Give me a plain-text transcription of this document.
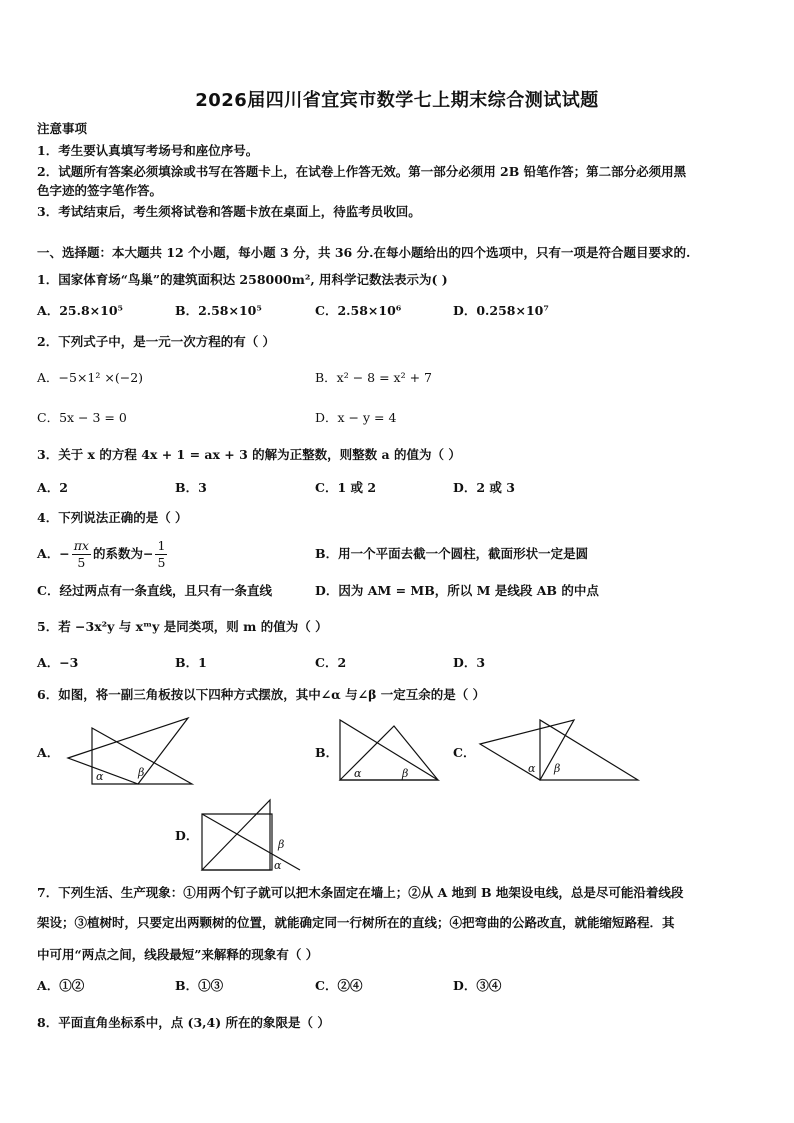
2026届四川省宜宾市数学七上期末综合测试试题
注意事项
1．考生要认真填写考场号和座位序号。
2．试题所有答案必须填涂或书写在答题卡上，在试卷上作答无效。第一部分必须用 2B 铅笔作答；第二部分必须用黑
色字迹的签字笔作答。
3．考试结束后，考生须将试卷和答题卡放在桌面上，待监考员收回。
一、选择题：本大题共 12 个小题，每小题 3 分，共 36 分.在每小题给出的四个选项中，只有一项是符合题目要求的.
1．国家体育场“鸟巢”的建筑面积达 258000m², 用科学记数法表示为( )
A．25.8×10⁵	B．2.58×10⁵	C．2.58×10⁶	D．0.258×10⁷
2．下列式子中，是一元一次方程的有（ ）
A．−5×1² ×(−2)	B．x² − 8 = x² + 7
C．5x − 3 = 0	D．x − y = 4
3．关于 x 的方程 4x + 1 = ax + 3 的解为正整数，则整数 a 的值为（ ）
A．2	B．3	C．1 或 2	D．2 或 3
4．下列说法正确的是（ ）
A．− $\frac{\pi x}{5}$ 的系数为− $\frac{1}{5}$	B．用一个平面去截一个圆柱，截面形状一定是圆
C．经过两点有一条直线，且只有一条直线	D．因为 AM = MB，所以 M 是线段 AB 的中点
5．若 −3x²y 与 xᵐy 是同类项，则 m 的值为（ ）
A．−3	B．1	C．2	D．3
6．如图，将一副三角板按以下四种方式摆放，其中∠α 与∠β 一定互余的是（ ）
A．
α	β
B．
α	β
C．
α β
D．
β
α
7．下列生活、生产现象：①用两个钉子就可以把木条固定在墙上；②从 A 地到 B 地架设电线，总是尽可能沿着线段
架设；③植树时，只要定出两颗树的位置，就能确定同一行树所在的直线；④把弯曲的公路改直，就能缩短路程．其
中可用“两点之间，线段最短”来解释的现象有（ ）
A．①②	B．①③	C．②④	D．③④
8．平面直角坐标系中，点 (3,4) 所在的象限是（ ）
